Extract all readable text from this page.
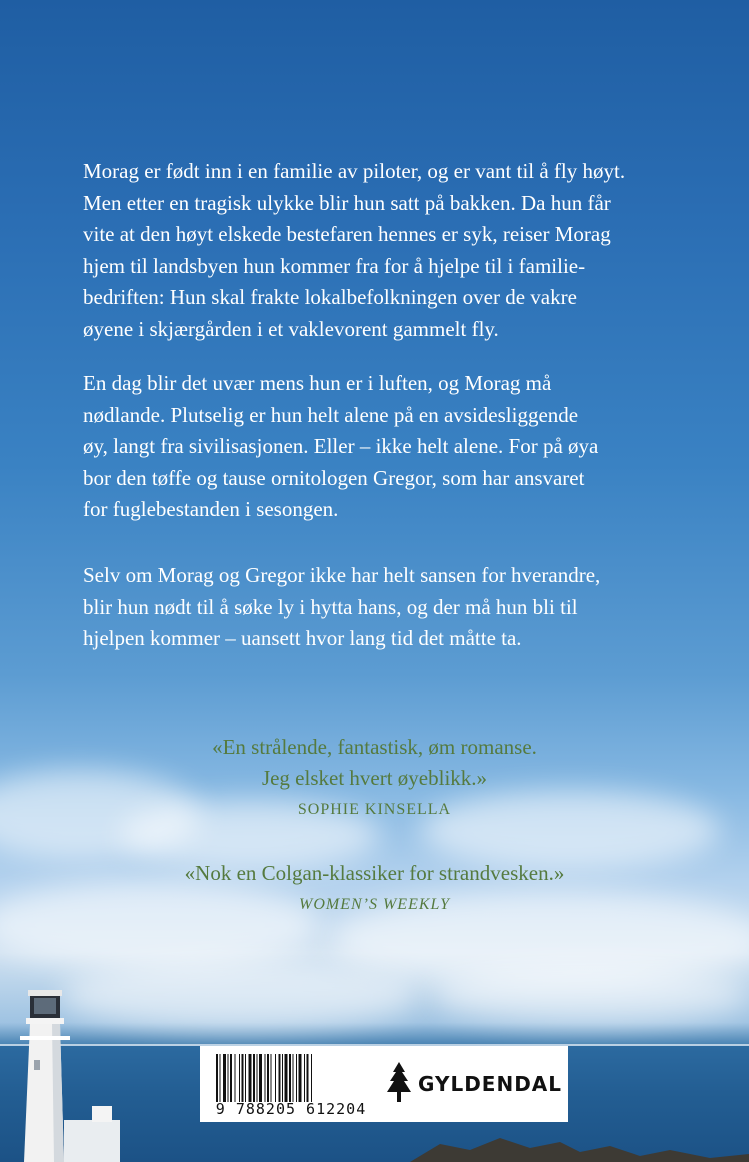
Morag er født inn i en familie av piloter, og er vant til å fly høyt.
Men etter en tragisk ulykke blir hun satt på bakken. Da hun får
vite at den høyt elskede bestefaren hennes er syk, reiser Morag
hjem til landsbyen hun kommer fra for å hjelpe til i familie-
bedriften: Hun skal frakte lokalbefolkningen over de vakre
øyene i skjærgården i et vaklevorent gammelt fly.
En dag blir det uvær mens hun er i luften, og Morag må
nødlande. Plutselig er hun helt alene på en avsidesliggende
øy, langt fra sivilisasjonen. Eller – ikke helt alene. For på øya
bor den tøffe og tause ornitologen Gregor, som har ansvaret
for fuglebestanden i sesongen.
Selv om Morag og Gregor ikke har helt sansen for hverandre,
blir hun nødt til å søke ly i hytta hans, og der må hun bli til
hjelpen kommer – uansett hvor lang tid det måtte ta.
«En strålende, fantastisk, øm romanse.
Jeg elsket hvert øyeblikk.»
SOPHIE KINSELLA
«Nok en Colgan-klassiker for strandvesken.»
WOMEN’S WEEKLY
9 788205 612204
GYLDENDAL
